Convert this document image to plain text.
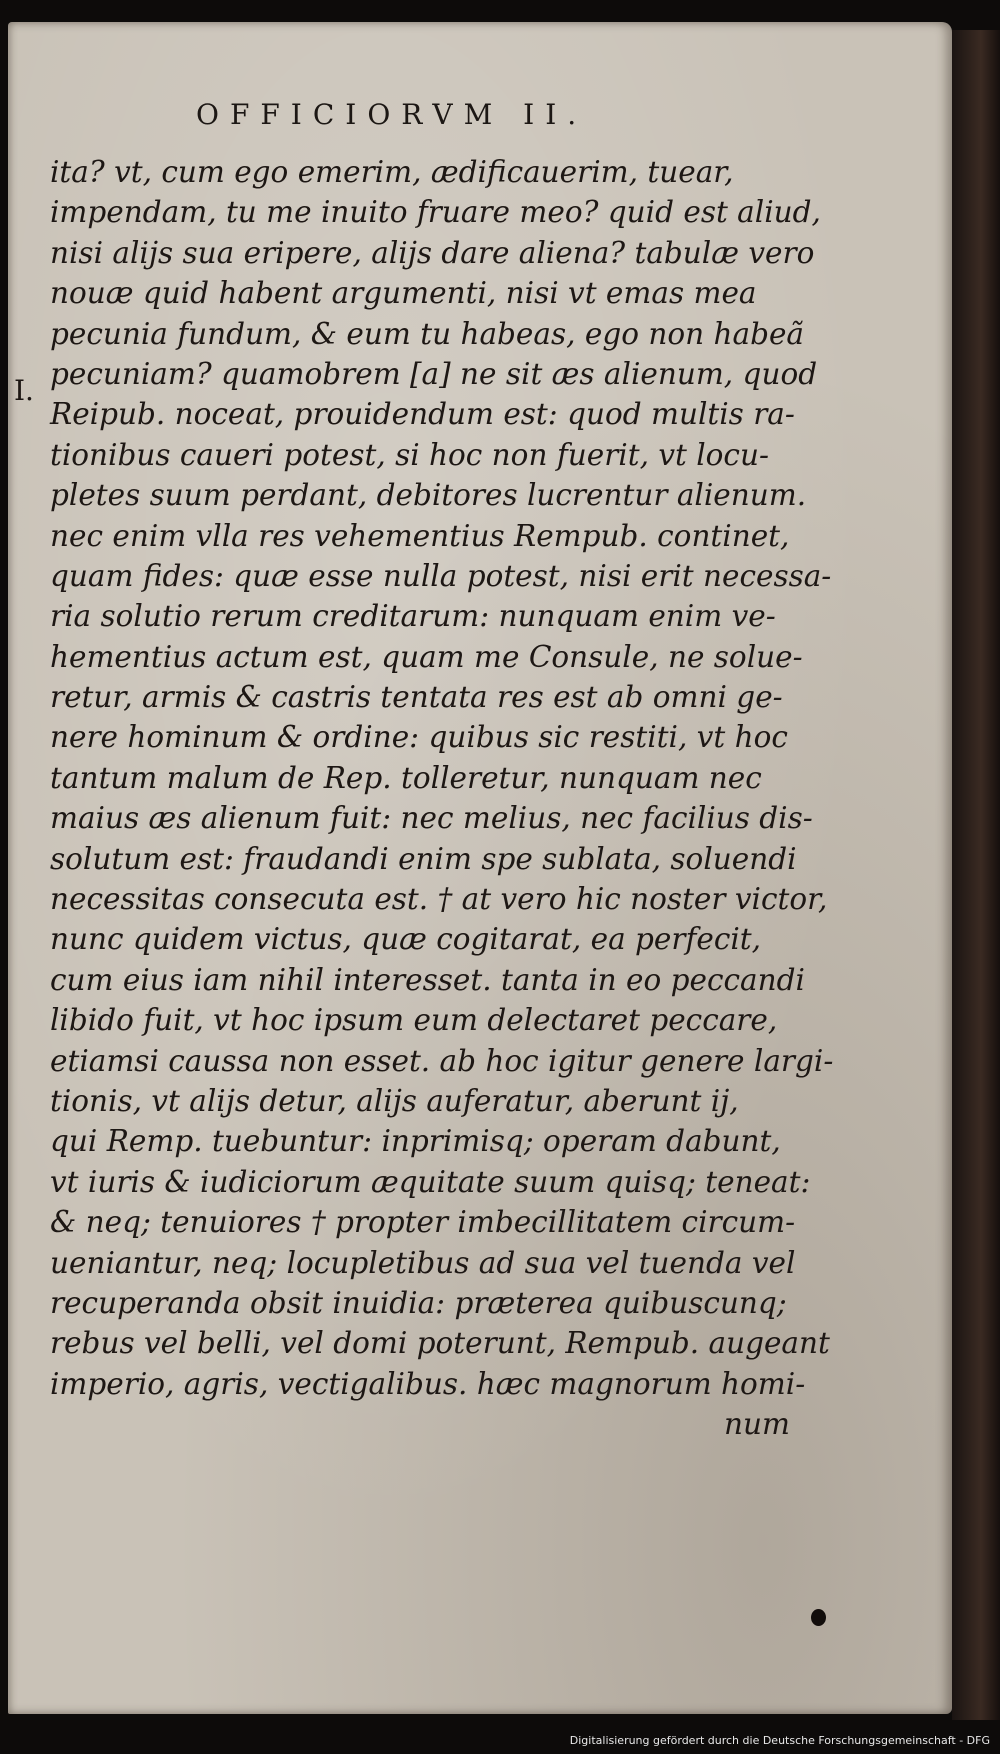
OFFICIORVM II.
I.
ita? vt, cum ego emerim, ædificauerim, tuear,
impendam, tu me inuito fruare meo? quid est aliud,
nisi alijs sua eripere, alijs dare aliena? tabulæ vero
nouæ quid habent argumenti, nisi vt emas mea
pecunia fundum, & eum tu habeas, ego non habeã
pecuniam? quamobrem [a] ne sit æs alienum, quod
Reipub. noceat, prouidendum est: quod multis ra-
tionibus caueri potest, si hoc non fuerit, vt locu-
pletes suum perdant, debitores lucrentur alienum.
nec enim vlla res vehementius Rempub. continet,
quam fides: quæ esse nulla potest, nisi erit necessa-
ria solutio rerum creditarum: nunquam enim ve-
hementius actum est, quam me Consule, ne solue-
retur, armis & castris tentata res est ab omni ge-
nere hominum & ordine: quibus sic restiti, vt hoc
tantum malum de Rep. tolleretur, nunquam nec
maius æs alienum fuit: nec melius, nec facilius dis-
solutum est: fraudandi enim spe sublata, soluendi
necessitas consecuta est. † at vero hic noster victor,
nunc quidem victus, quæ cogitarat, ea perfecit,
cum eius iam nihil interesset. tanta in eo peccandi
libido fuit, vt hoc ipsum eum delectaret peccare,
etiamsi caussa non esset. ab hoc igitur genere largi-
tionis, vt alijs detur, alijs auferatur, aberunt ij,
qui Remp. tuebuntur: inprimisq; operam dabunt,
vt iuris & iudiciorum æquitate suum quisq; teneat:
& neq; tenuiores † propter imbecillitatem circum-
ueniantur, neq; locupletibus ad sua vel tuenda vel
recuperanda obsit inuidia: præterea quibuscunq;
rebus vel belli, vel domi poterunt, Rempub. augeant
imperio, agris, vectigalibus. hæc magnorum homi-
num
Digitalisierung gefördert durch die Deutsche Forschungsgemeinschaft - DFG
